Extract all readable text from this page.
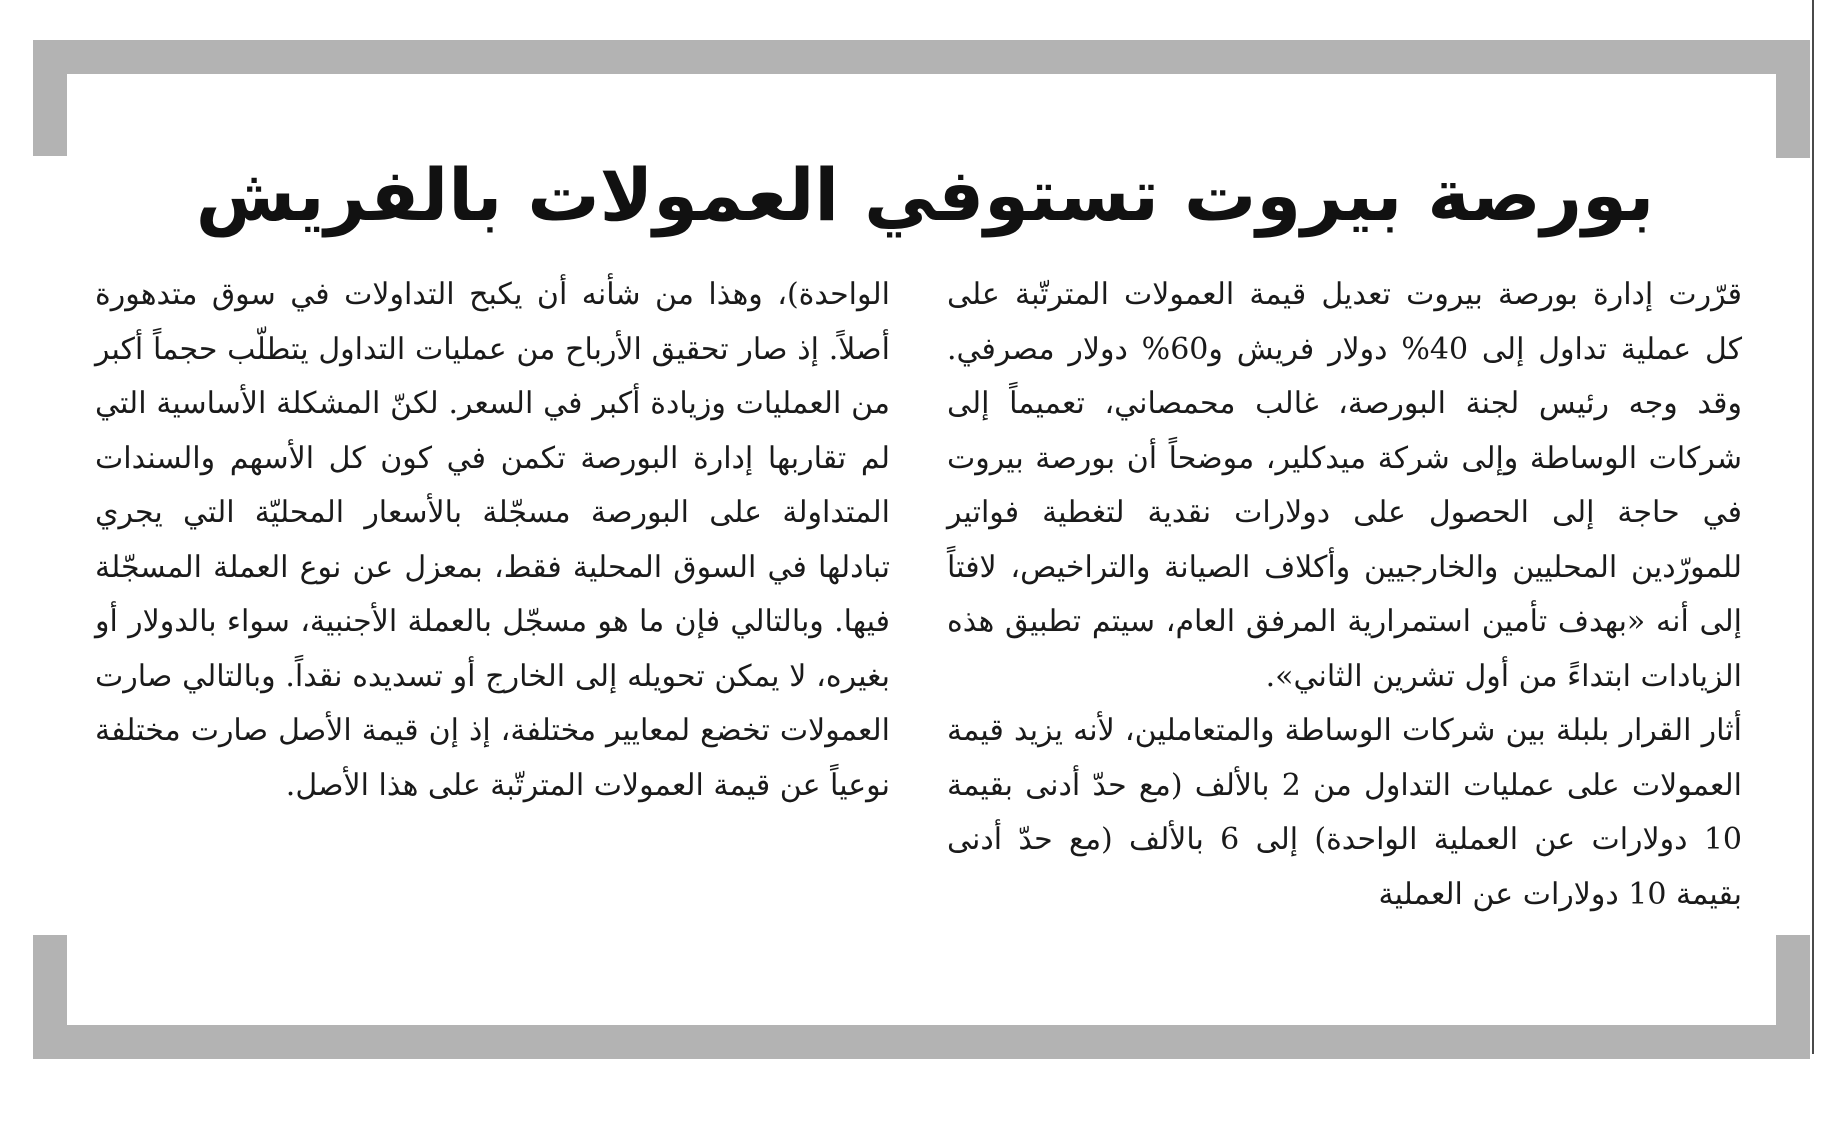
بورصة بيروت تستوفي العمولات بالفريش

قرّرت إدارة بورصة بيروت تعديل قيمة العمولات المترتّبة على كل عملية تداول إلى 40% دولار فريش و60% دولار مصرفي. وقد وجه رئيس لجنة البورصة، غالب محمصاني، تعميماً إلى شركات الوساطة وإلى شركة ميدكلير، موضحاً أن بورصة بيروت في حاجة إلى الحصول على دولارات نقدية لتغطية فواتير للمورّدين المحليين والخارجيين وأكلاف الصيانة والتراخيص، لافتاً إلى أنه «بهدف تأمين استمرارية المرفق العام، سيتم تطبيق هذه الزيادات ابتداءً من أول تشرين الثاني».

أثار القرار بلبلة بين شركات الوساطة والمتعاملين، لأنه يزيد قيمة العمولات على عمليات التداول من 2 بالألف (مع حدّ أدنى بقيمة 10 دولارات عن العملية الواحدة) إلى 6 بالألف (مع حدّ أدنى بقيمة 10 دولارات عن العملية

الواحدة)، وهذا من شأنه أن يكبح التداولات في سوق متدهورة أصلاً. إذ صار تحقيق الأرباح من عمليات التداول يتطلّب حجماً أكبر من العمليات وزيادة أكبر في السعر. لكنّ المشكلة الأساسية التي لم تقاربها إدارة البورصة تكمن في كون كل الأسهم والسندات المتداولة على البورصة مسجّلة بالأسعار المحليّة التي يجري تبادلها في السوق المحلية فقط، بمعزل عن نوع العملة المسجّلة فيها. وبالتالي فإن ما هو مسجّل بالعملة الأجنبية، سواء بالدولار أو بغيره، لا يمكن تحويله إلى الخارج أو تسديده نقداً. وبالتالي صارت العمولات تخضع لمعايير مختلفة، إذ إن قيمة الأصل صارت مختلفة نوعياً عن قيمة العمولات المترتّبة على هذا الأصل.
